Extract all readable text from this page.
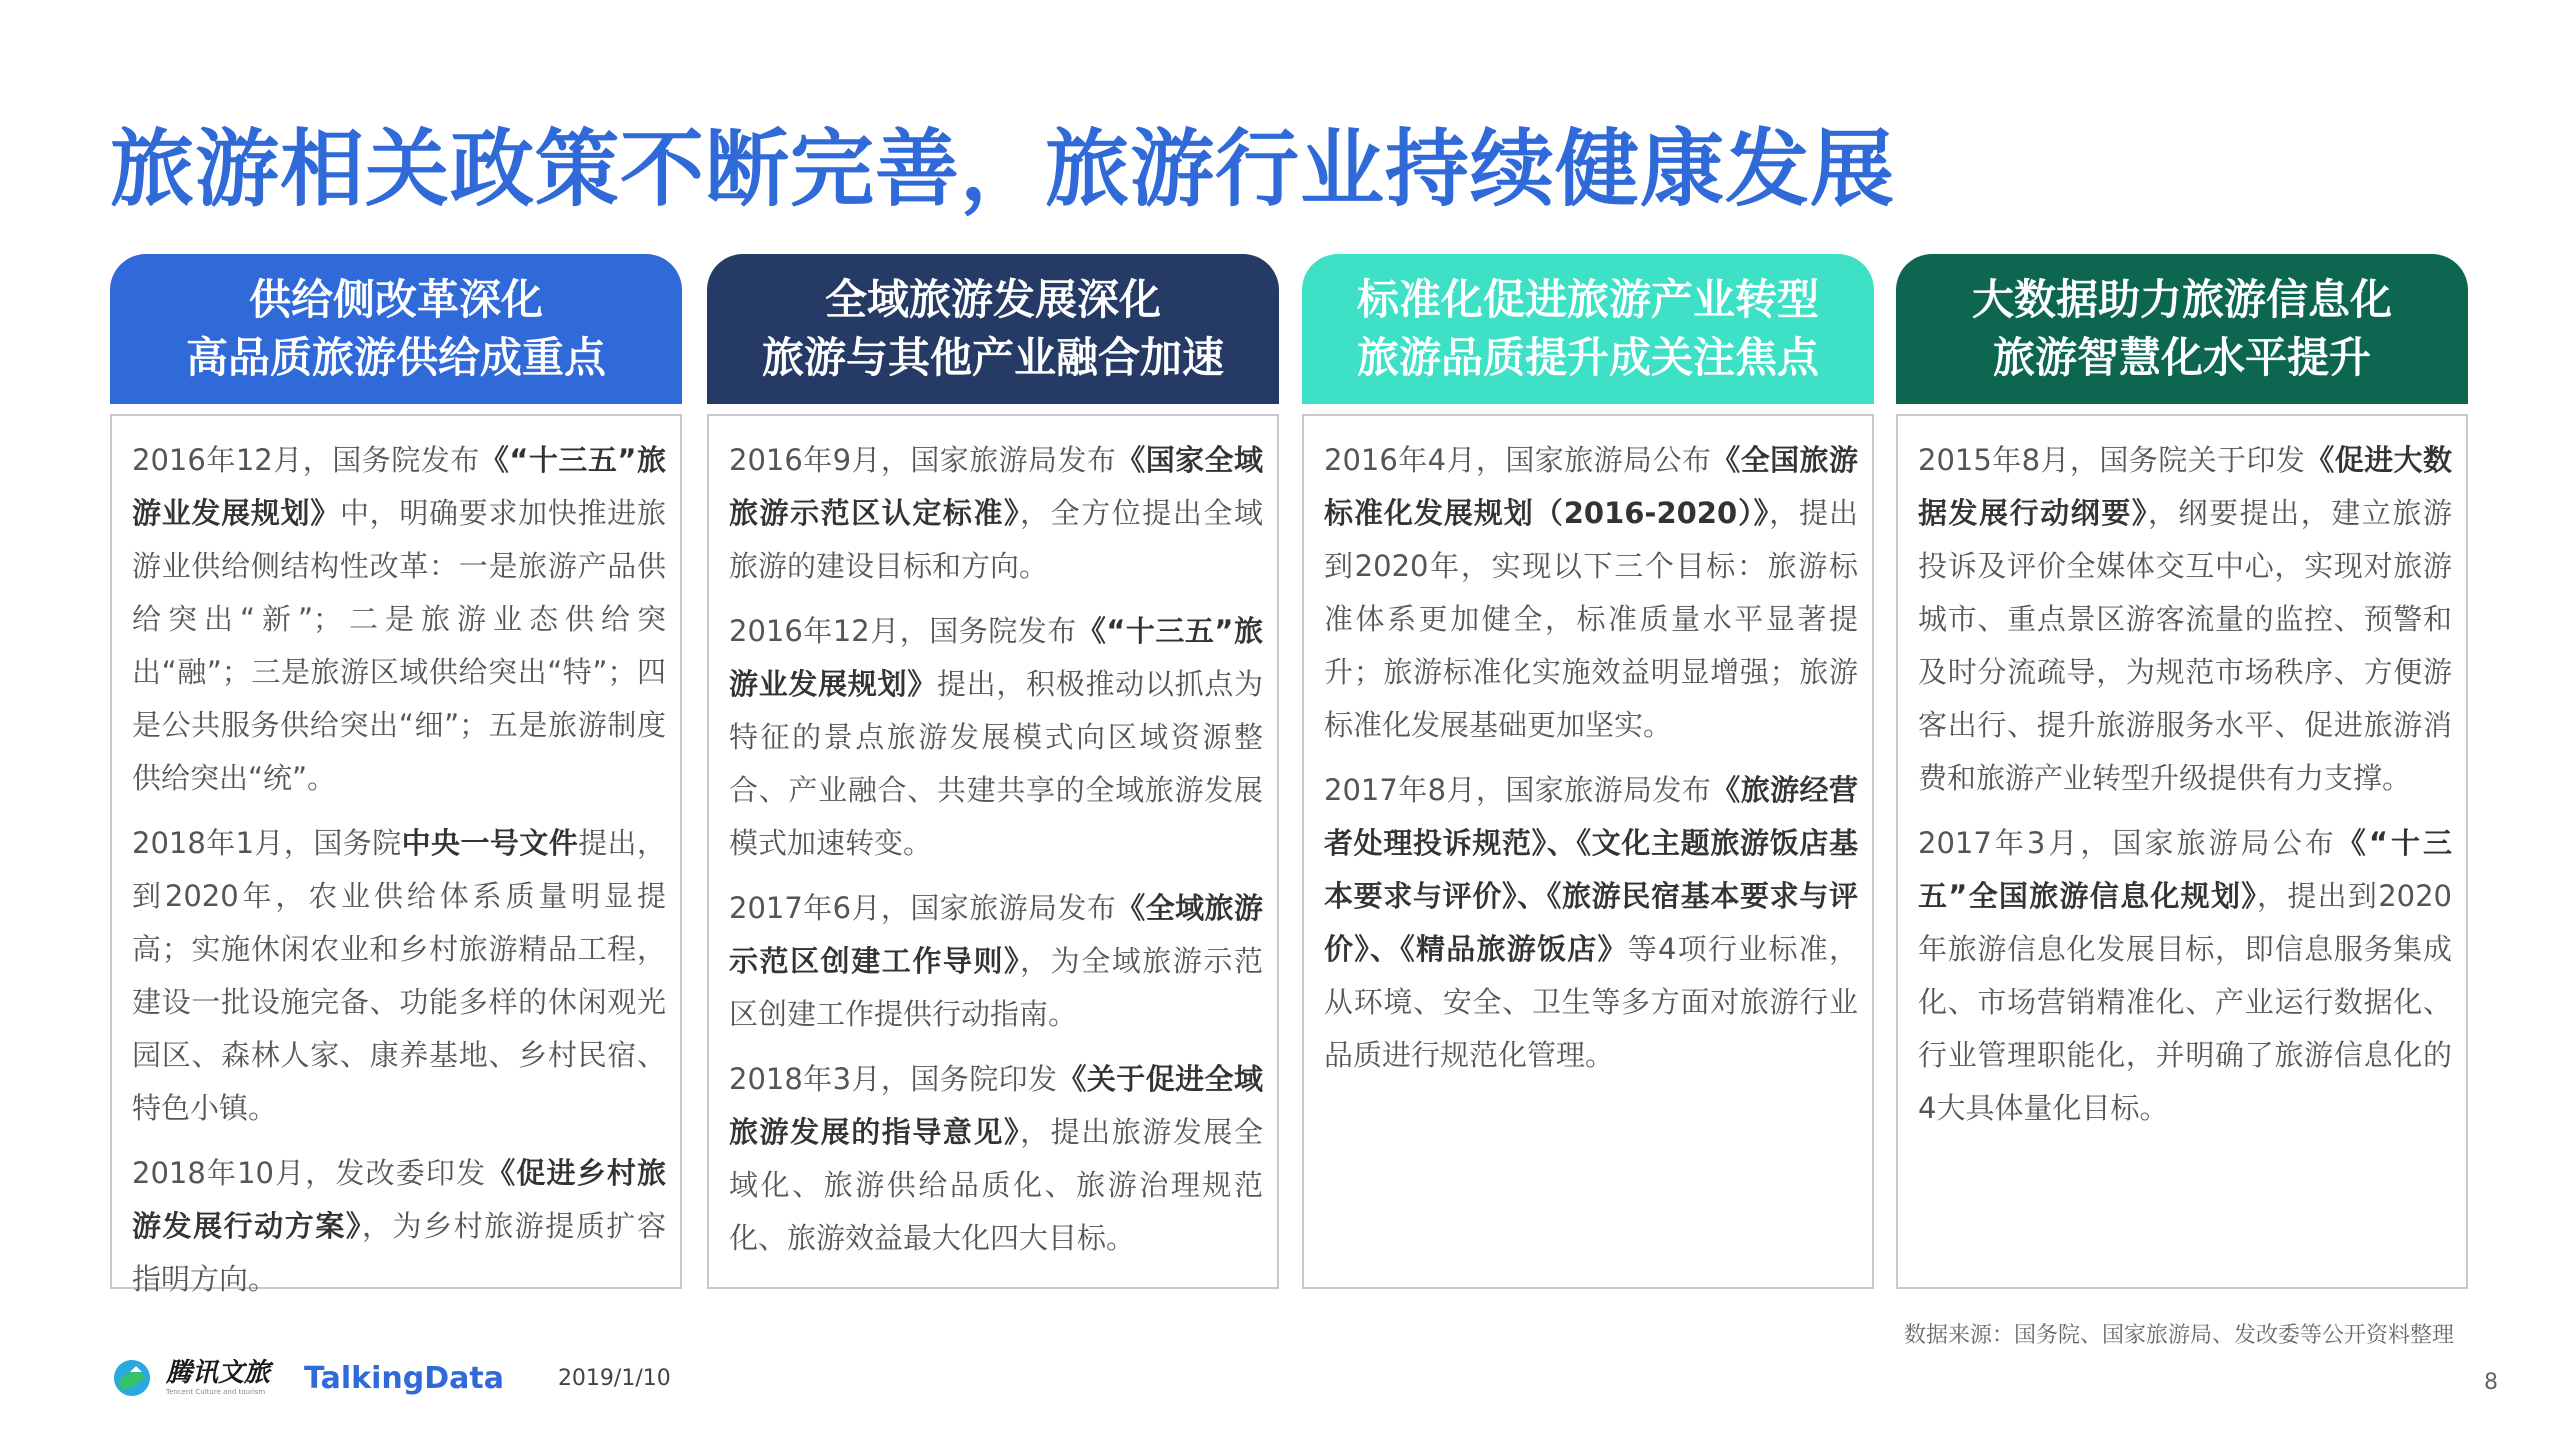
旅游相关政策不断完善，旅游行业持续健康发展
供给侧改革深化
高品质旅游供给成重点

2016年12月，国务院发布《“十三五”旅游业发展规划》中，明确要求加快推进旅游业供给侧结构性改革：一是旅游产品供给突出“新”；二是旅游业态供给突出“融”；三是旅游区域供给突出“特”；四是公共服务供给突出“细”；五是旅游制度供给突出“统”。

2018年1月，国务院中央一号文件提出，到2020年，农业供给体系质量明显提高；实施休闲农业和乡村旅游精品工程，建设一批设施完备、功能多样的休闲观光园区、森林人家、康养基地、乡村民宿、特色小镇。

2018年10月，发改委印发《促进乡村旅游发展行动方案》，为乡村旅游提质扩容指明方向。

全域旅游发展深化
旅游与其他产业融合加速

2016年9月，国家旅游局发布《国家全域旅游示范区认定标准》，全方位提出全域旅游的建设目标和方向。

2016年12月，国务院发布《“十三五”旅游业发展规划》提出，积极推动以抓点为特征的景点旅游发展模式向区域资源整合、产业融合、共建共享的全域旅游发展模式加速转变。

2017年6月，国家旅游局发布《全域旅游示范区创建工作导则》，为全域旅游示范区创建工作提供行动指南。

2018年3月，国务院印发《关于促进全域旅游发展的指导意见》，提出旅游发展全域化、旅游供给品质化、旅游治理规范化、旅游效益最大化四大目标。

标准化促进旅游产业转型
旅游品质提升成关注焦点

2016年4月，国家旅游局公布《全国旅游标准化发展规划（2016-2020）》，提出到2020年，实现以下三个目标：旅游标准体系更加健全，标准质量水平显著提升；旅游标准化实施效益明显增强；旅游标准化发展基础更加坚实。

2017年8月，国家旅游局发布《旅游经营者处理投诉规范》、《文化主题旅游饭店基本要求与评价》、《旅游民宿基本要求与评价》、《精品旅游饭店》等4项行业标准，从环境、安全、卫生等多方面对旅游行业品质进行规范化管理。

大数据助力旅游信息化
旅游智慧化水平提升

2015年8月，国务院关于印发《促进大数据发展行动纲要》，纲要提出，建立旅游投诉及评价全媒体交互中心，实现对旅游城市、重点景区游客流量的监控、预警和及时分流疏导，为规范市场秩序、方便游客出行、提升旅游服务水平、促进旅游消费和旅游产业转型升级提供有力支撑。

2017年3月，国家旅游局公布《“十三五”全国旅游信息化规划》，提出到2020年旅游信息化发展目标，即信息服务集成化、市场营销精准化、产业运行数据化、行业管理职能化，并明确了旅游信息化的4大具体量化目标。

数据来源：国务院、国家旅游局、发改委等公开资料整理
腾讯文旅
Tencent Culture and tourism TalkingData 2019/1/10	8
